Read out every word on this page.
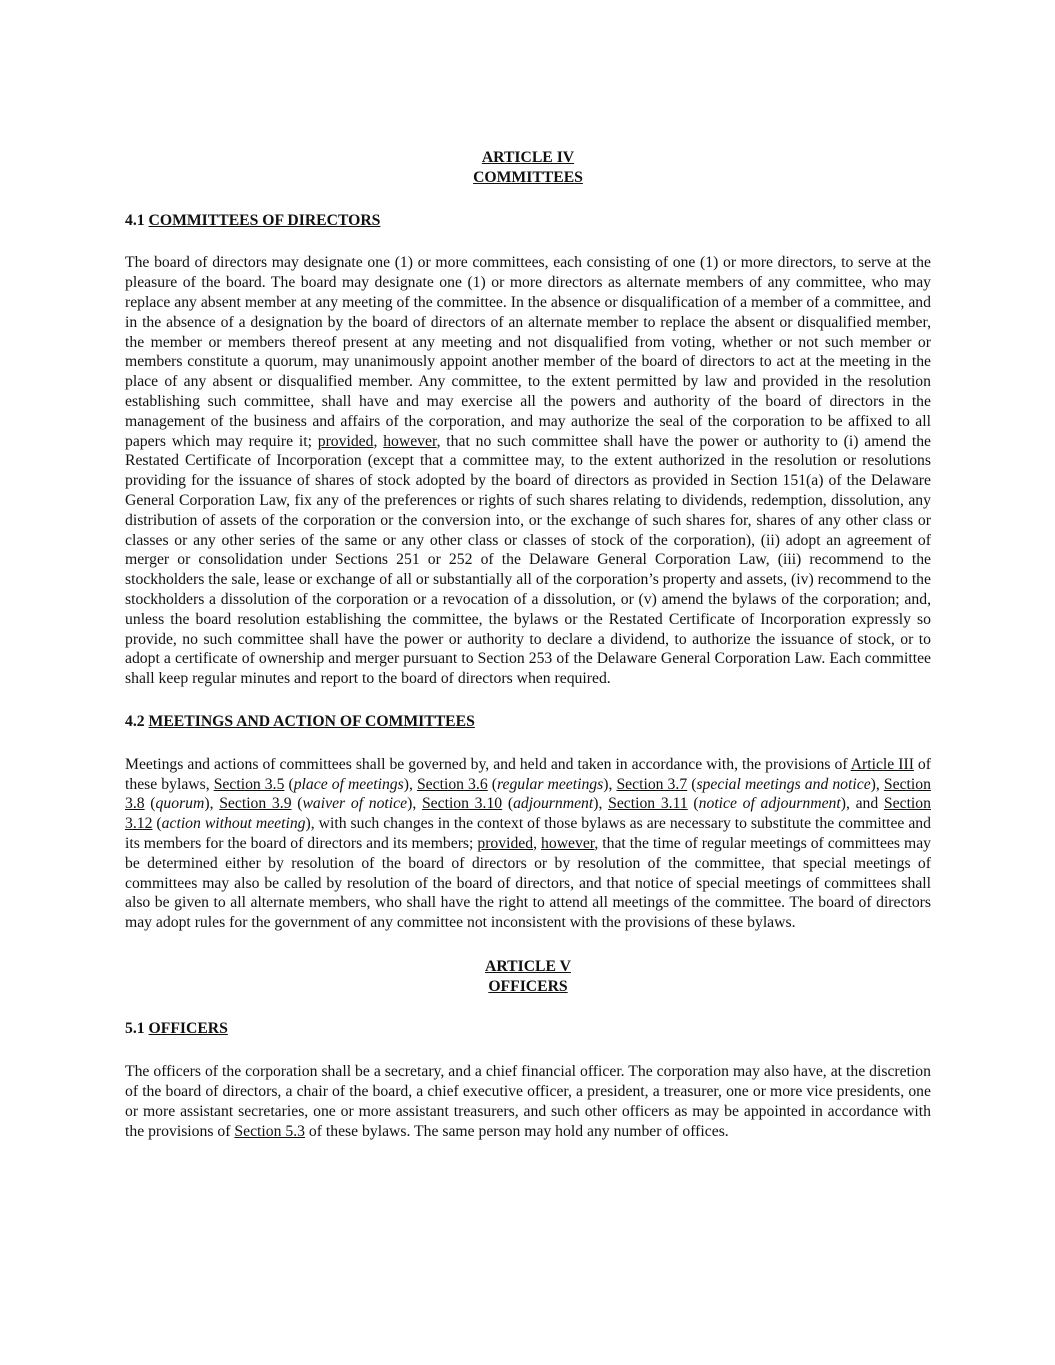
ARTICLE IV

COMMITTEES

4.1 COMMITTEES OF DIRECTORS

The board of directors may designate one (1) or more committees, each consisting of one (1) or more directors, to serve at the pleasure of the board. The board may designate one (1) or more directors as alternate members of any committee, who may replace any absent member at any meeting of the committee. In the absence or disqualification of a member of a committee, and in the absence of a designation by the board of directors of an alternate member to replace the absent or disqualified member, the member or members thereof present at any meeting and not disqualified from voting, whether or not such member or members constitute a quorum, may unanimously appoint another member of the board of directors to act at the meeting in the place of any absent or disqualified member. Any committee, to the extent permitted by law and provided in the resolution establishing such committee, shall have and may exercise all the powers and authority of the board of directors in the management of the business and affairs of the corporation, and may authorize the seal of the corporation to be affixed to all papers which may require it; provided, however, that no such committee shall have the power or authority to (i) amend the Restated Certificate of Incorporation (except that a committee may, to the extent authorized in the resolution or resolutions providing for the issuance of shares of stock adopted by the board of directors as provided in Section 151(a) of the Delaware General Corporation Law, fix any of the preferences or rights of such shares relating to dividends, redemption, dissolution, any distribution of assets of the corporation or the conversion into, or the exchange of such shares for, shares of any other class or classes or any other series of the same or any other class or classes of stock of the corporation), (ii) adopt an agreement of merger or consolidation under Sections 251 or 252 of the Delaware General Corporation Law, (iii) recommend to the stockholders the sale, lease or exchange of all or substantially all of the corporation’s property and assets, (iv) recommend to the stockholders a dissolution of the corporation or a revocation of a dissolution, or (v) amend the bylaws of the corporation; and, unless the board resolution establishing the committee, the bylaws or the Restated Certificate of Incorporation expressly so provide, no such committee shall have the power or authority to declare a dividend, to authorize the issuance of stock, or to adopt a certificate of ownership and merger pursuant to Section 253 of the Delaware General Corporation Law. Each committee shall keep regular minutes and report to the board of directors when required.

4.2 MEETINGS AND ACTION OF COMMITTEES

Meetings and actions of committees shall be governed by, and held and taken in accordance with, the provisions of Article III of these bylaws, Section 3.5 (place of meetings), Section 3.6 (regular meetings), Section 3.7 (special meetings and notice), Section 3.8 (quorum), Section 3.9 (waiver of notice), Section 3.10 (adjournment), Section 3.11 (notice of adjournment), and Section 3.12 (action without meeting), with such changes in the context of those bylaws as are necessary to substitute the committee and its members for the board of directors and its members; provided, however, that the time of regular meetings of committees may be determined either by resolution of the board of directors or by resolution of the committee, that special meetings of committees may also be called by resolution of the board of directors, and that notice of special meetings of committees shall also be given to all alternate members, who shall have the right to attend all meetings of the committee. The board of directors may adopt rules for the government of any committee not inconsistent with the provisions of these bylaws.

ARTICLE V

OFFICERS

5.1 OFFICERS

The officers of the corporation shall be a secretary, and a chief financial officer. The corporation may also have, at the discretion of the board of directors, a chair of the board, a chief executive officer, a president, a treasurer, one or more vice presidents, one or more assistant secretaries, one or more assistant treasurers, and such other officers as may be appointed in accordance with the provisions of Section 5.3 of these bylaws. The same person may hold any number of offices.
